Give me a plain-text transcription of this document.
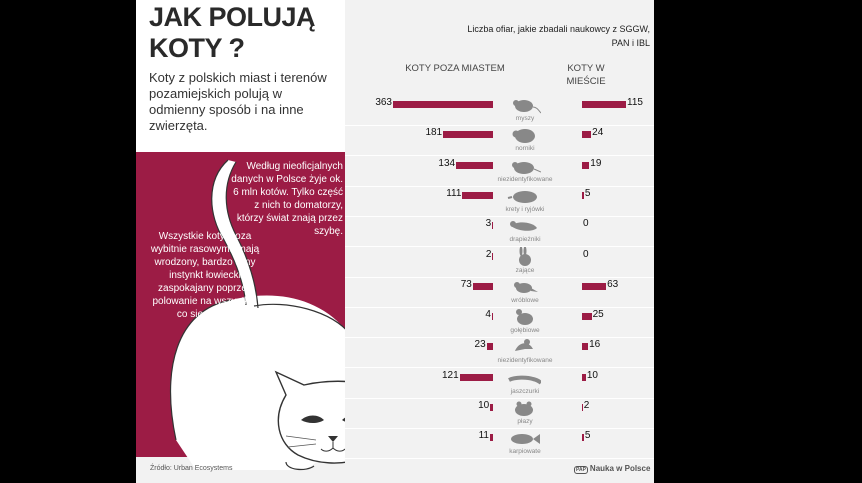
JAK POLUJĄ
KOTY ?
Koty z polskich miast i terenów pozamiejskich polują w odmienny sposób i na inne zwierzęta.
Według nieoficjalnych danych w Polsce żyje ok. 6 mln kotów. Tylko część z nich to domatorzy, którzy świat znają przez szybę.
Wszystkie koty, poza wybitnie rasowymi, mają wrodzony, bardzo silny instynkt łowiecki zaspokajany poprzez polowanie na wszystko, co się rusza.
Źródło: Urban Ecosystems
Liczba ofiar, jakie zbadali naukowcy z SGGW, PAN i IBL
KOTY POZA MIASTEM	KOTY W MIEŚCIE
363	115
myszy
181	24
norniki
134	19
niezidentyfikowane
111	5
krety i ryjówki
3	0
drapieżniki
2	0
zające
73	63
wróblowe
4	25
gołębiowe
23	16
niezidentyfikowane
121	10
jaszczurki
10	2
płazy
11	5
karpiowate
PAP Nauka w Polsce
